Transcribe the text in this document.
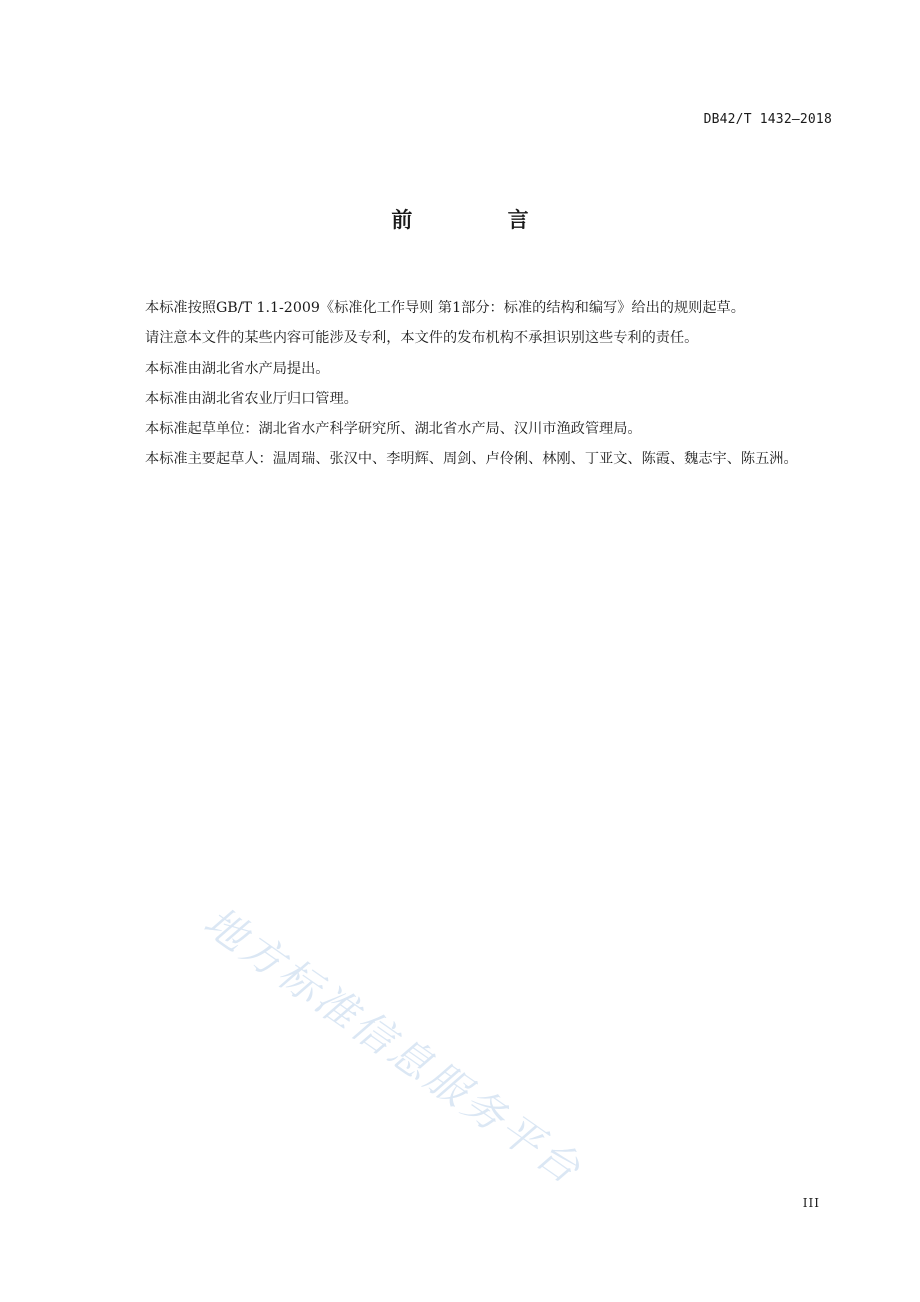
DB42/T 1432—2018
前 言

本标准按照GB/T 1.1-2009《标准化工作导则 第1部分：标准的结构和编写》给出的规则起草。

请注意本文件的某些内容可能涉及专利，本文件的发布机构不承担识别这些专利的责任。

本标准由湖北省水产局提出。

本标准由湖北省农业厅归口管理。

本标准起草单位：湖北省水产科学研究所、湖北省水产局、汉川市渔政管理局。

本标准主要起草人：温周瑞、张汉中、李明辉、周剑、卢伶俐、林刚、丁亚文、陈霞、魏志宇、陈五洲。

地方标准信息服务平台
III
